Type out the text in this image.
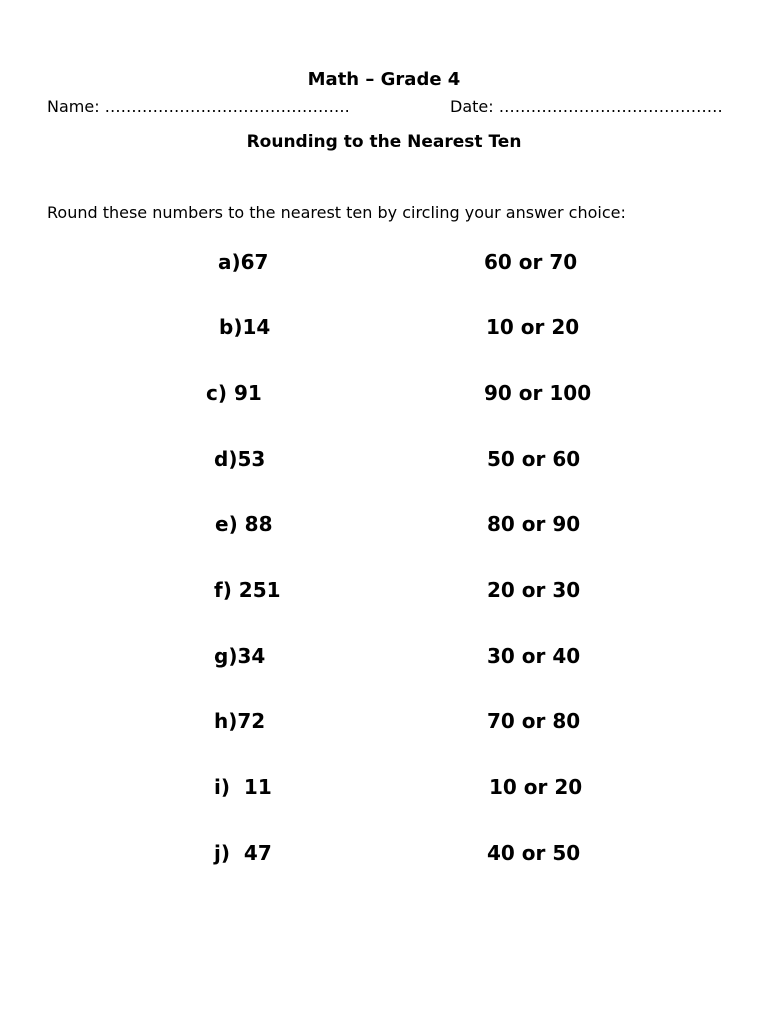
Math – Grade 4
Name: ……………………………………….	Date: ……………………………………
Rounding to the Nearest Ten
Round these numbers to the nearest ten by circling your answer choice:
a)67	60 or 70
b)14	10 or 20
c) 91	90 or 100
d)53	50 or 60
e) 88	80 or 90
f) 251	20 or 30
g)34	30 or 40
h)72	70 or 80
i)  11	10 or 20
j)  47	40 or 50
